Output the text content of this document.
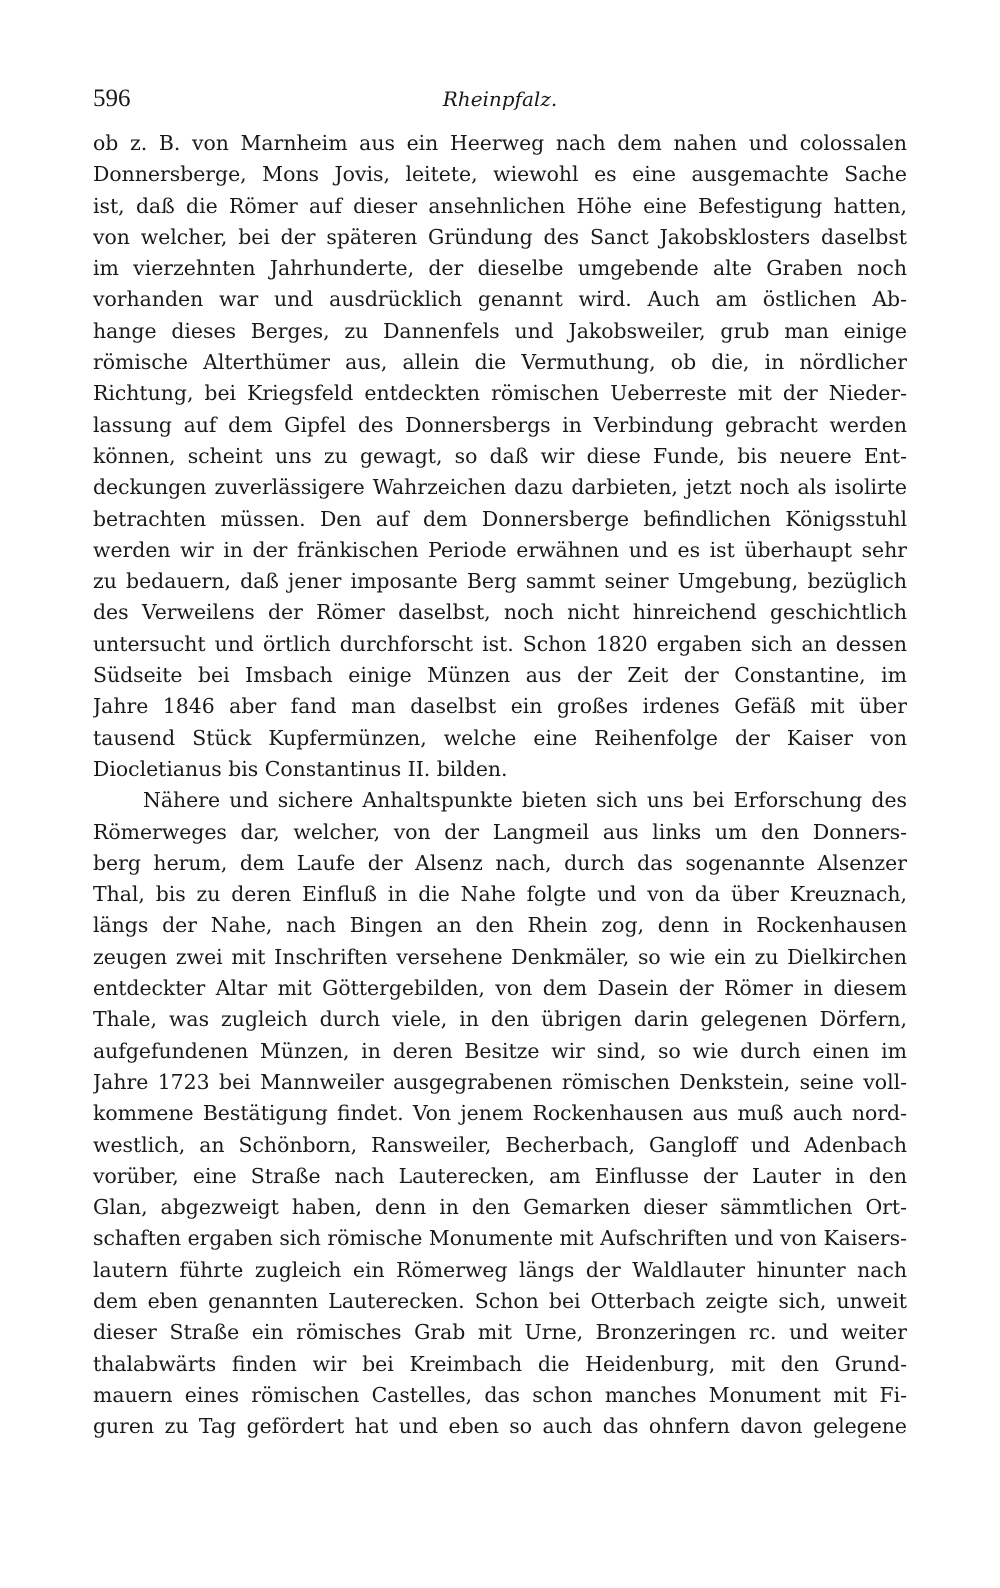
596	Rheinpfalz.
ob z. B. von Marnheim aus ein Heerweg nach dem nahen und colossalen
Donnersberge, Mons Jovis, leitete, wiewohl es eine ausgemachte Sache
ist, daß die Römer auf dieser ansehnlichen Höhe eine Befestigung hatten,
von welcher, bei der späteren Gründung des Sanct Jakobsklosters daselbst
im vierzehnten Jahrhunderte, der dieselbe umgebende alte Graben noch
vorhanden war und ausdrücklich genannt wird. Auch am östlichen Ab-
hange dieses Berges, zu Dannenfels und Jakobsweiler, grub man einige
römische Alterthümer aus, allein die Vermuthung, ob die, in nördlicher
Richtung, bei Kriegsfeld entdeckten römischen Ueberreste mit der Nieder-
lassung auf dem Gipfel des Donnersbergs in Verbindung gebracht werden
können, scheint uns zu gewagt, so daß wir diese Funde, bis neuere Ent-
deckungen zuverlässigere Wahrzeichen dazu darbieten, jetzt noch als isolirte
betrachten müssen. Den auf dem Donnersberge befindlichen Königsstuhl
werden wir in der fränkischen Periode erwähnen und es ist überhaupt sehr
zu bedauern, daß jener imposante Berg sammt seiner Umgebung, bezüglich
des Verweilens der Römer daselbst, noch nicht hinreichend geschichtlich
untersucht und örtlich durchforscht ist. Schon 1820 ergaben sich an dessen
Südseite bei Imsbach einige Münzen aus der Zeit der Constantine, im
Jahre 1846 aber fand man daselbst ein großes irdenes Gefäß mit über
tausend Stück Kupfermünzen, welche eine Reihenfolge der Kaiser von
Diocletianus bis Constantinus II. bilden.
Nähere und sichere Anhaltspunkte bieten sich uns bei Erforschung des
Römerweges dar, welcher, von der Langmeil aus links um den Donners-
berg herum, dem Laufe der Alsenz nach, durch das sogenannte Alsenzer
Thal, bis zu deren Einfluß in die Nahe folgte und von da über Kreuznach,
längs der Nahe, nach Bingen an den Rhein zog, denn in Rockenhausen
zeugen zwei mit Inschriften versehene Denkmäler, so wie ein zu Dielkirchen
entdeckter Altar mit Göttergebilden, von dem Dasein der Römer in diesem
Thale, was zugleich durch viele, in den übrigen darin gelegenen Dörfern,
aufgefundenen Münzen, in deren Besitze wir sind, so wie durch einen im
Jahre 1723 bei Mannweiler ausgegrabenen römischen Denkstein, seine voll-
kommene Bestätigung findet. Von jenem Rockenhausen aus muß auch nord-
westlich, an Schönborn, Ransweiler, Becherbach, Gangloff und Adenbach
vorüber, eine Straße nach Lauterecken, am Einflusse der Lauter in den
Glan, abgezweigt haben, denn in den Gemarken dieser sämmtlichen Ort-
schaften ergaben sich römische Monumente mit Aufschriften und von Kaisers-
lautern führte zugleich ein Römerweg längs der Waldlauter hinunter nach
dem eben genannten Lauterecken. Schon bei Otterbach zeigte sich, unweit
dieser Straße ein römisches Grab mit Urne, Bronzeringen rc. und weiter
thalabwärts finden wir bei Kreimbach die Heidenburg, mit den Grund-
mauern eines römischen Castelles, das schon manches Monument mit Fi-
guren zu Tag gefördert hat und eben so auch das ohnfern davon gelegene
